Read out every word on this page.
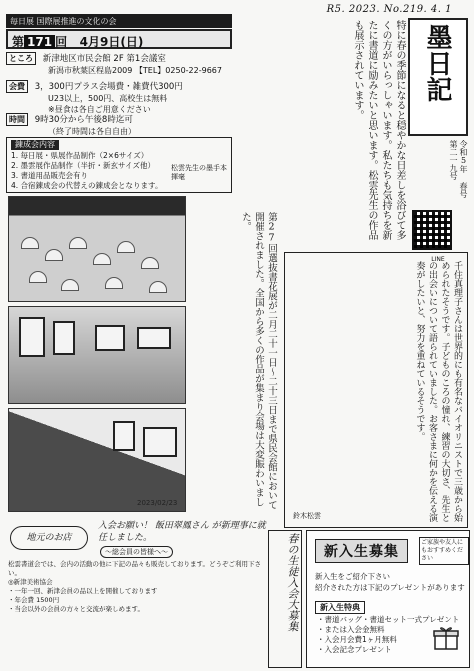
R5. 2023. No.219. 4. 1
毎日展 国際展推進の文化の会
第 171 回 4月9日(日)
ところ 新津地区市民会館 2F 第1会議室
新潟市秋葉区程島2009 【TEL】0250-22-9667
会費 3，300円プラス会場費・雑費代300円
U23以上，500円、高校生は無料
※昼食は各自ご用意ください
時間 9時30分から午後8時迄可
（終了時間は各自自由）
錬成会内容
1. 毎日展・県展作品制作（2×6サイズ）
2. 墨雲展作品制作（半折・新玄サイズ他）
3. 書道用品販売会有り
4. 合宿錬成会の代替えの錬成会となります。
松雲先生の墨手本揮毫	特に春の季節になると穏やかな日差しを浴びて多くの方がいらっしゃいます。私たちも気持ちを新たに書道に励みたいと思います。松雲先生の作品も展示されています。	墨日記
令和5年 春号 第二一九号
LINE
2023/02/23	第27回選抜書花展が二月二十一日～二十三日まで県民会館において開催されました。全国から多くの作品が集まり会場は大変賑わいました。
千住真理子さんは世界的にも有名なバイオリニストで三歳から始められたそうです。子どものころの憧れ、練習の大切さ、先生との出会いについて語られていました。お客さまに何かを伝える演奏がしたいと、努力を重ねているそうです。
鈴木松雲
地元のお店
入会お願い！ 飯田翠鳳さん が新理事に就任しました。
〜総会員の皆様へ〜
松雲書道会では、会内の活動の他に下記の品々も販売しております。どうぞご利用下さい。
◎新津美術協会
・一年一回、新津会員の品以上を開催しております
・年会費 1500円
・当会以外の会員の方々と交流が楽しめます。	春の生徒入会大募集	新入生募集
ご家族や友人にもおすすめください
新入生をご紹介下さい
紹介された方は下記のプレゼントがあります
新入生特典
・書道バッグ・書道セット一式プレゼント
・または入会金無料
・入会月会費1ヶ月無料
・入会記念プレゼント
